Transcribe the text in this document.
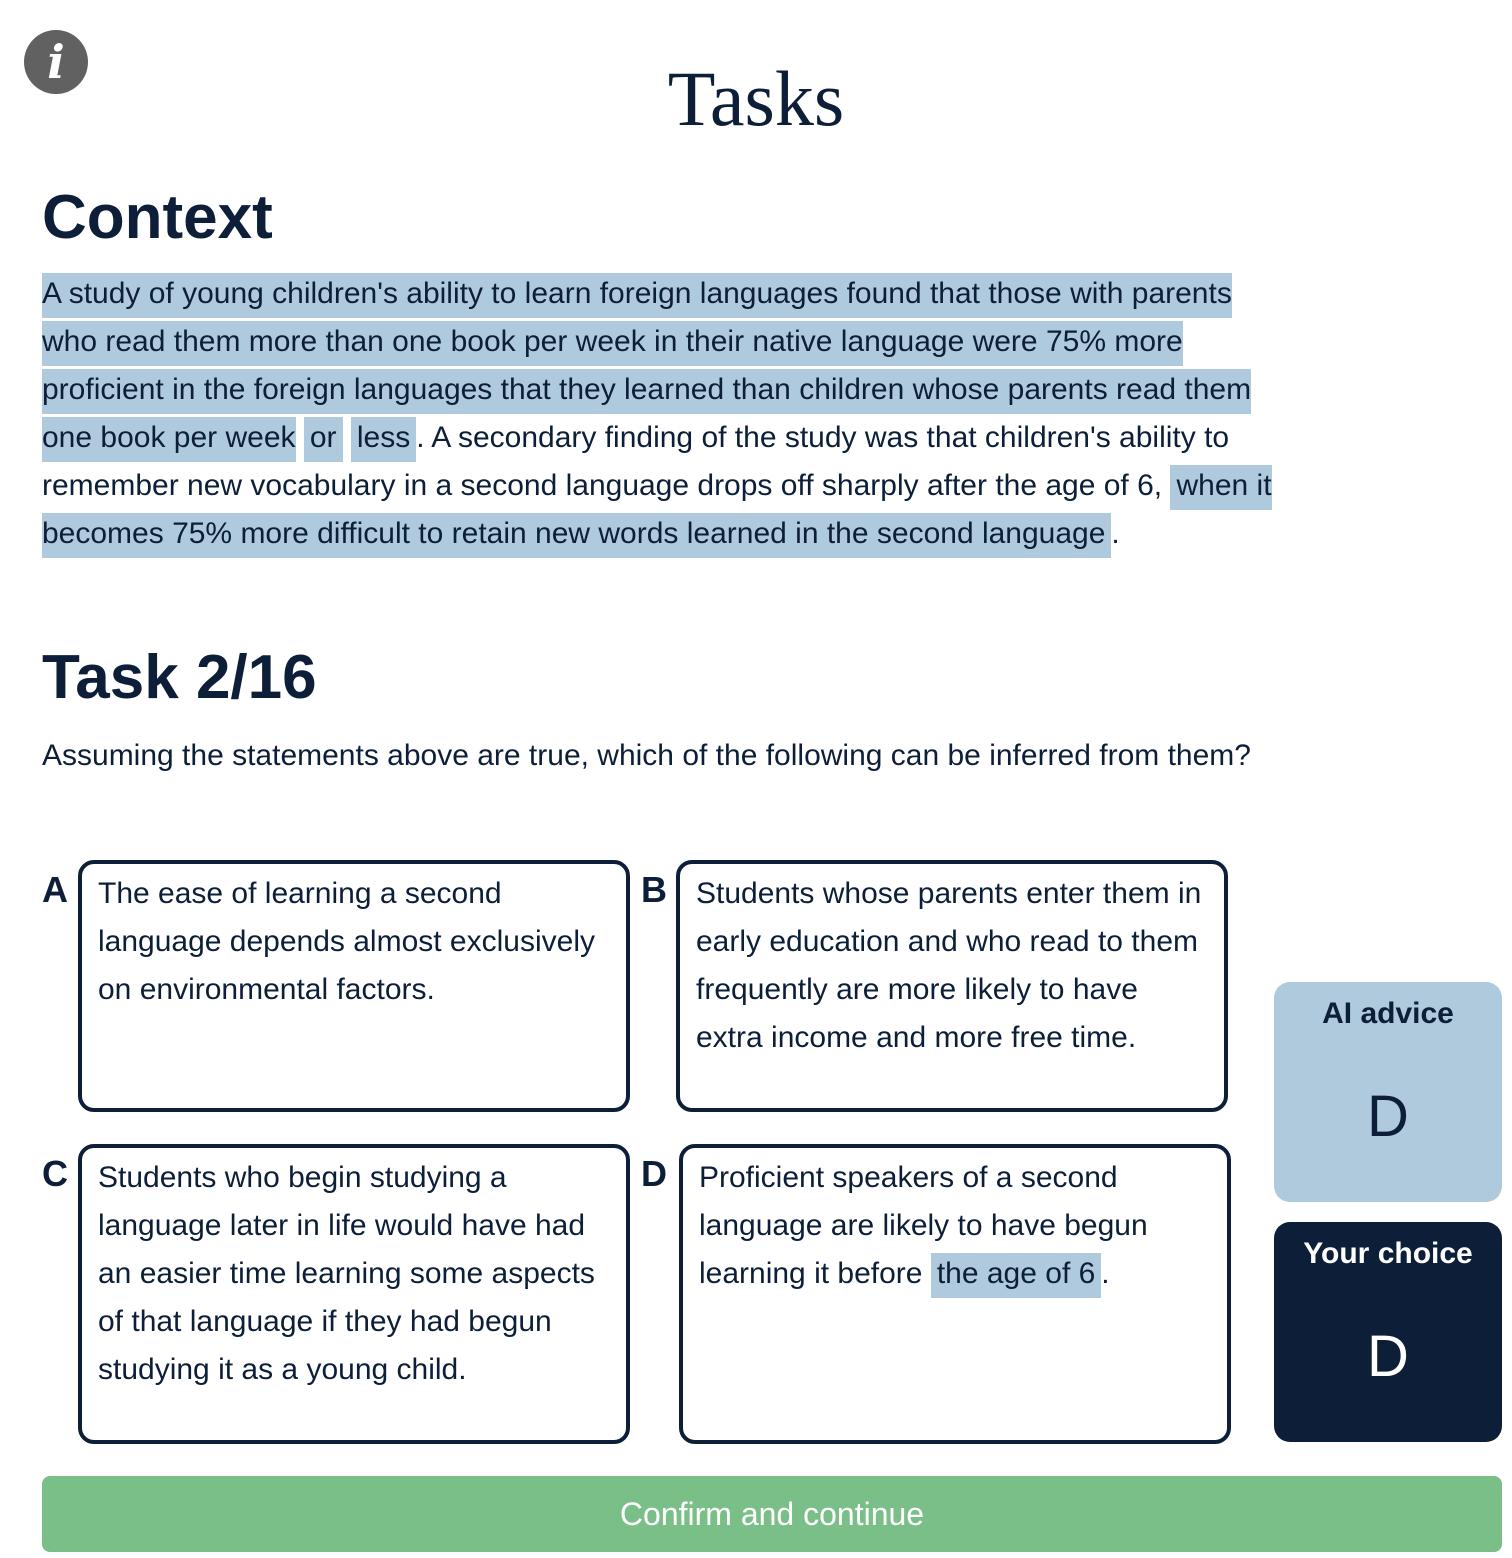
i	Tasks
Context

A study of young children's ability to learn foreign languages found that those with parents who read them more than one book per week in their native language were 75% more proficient in the foreign languages that they learned than children whose parents read them one book per week or less . A secondary finding of the study was that children's ability to remember new vocabulary in a second language drops off sharply after the age of 6, when it becomes 75% more difficult to retain new words learned in the second language .

Task 2/16

Assuming the statements above are true, which of the following can be inferred from them?

A	The ease of learning a second language depends almost exclusively on environmental factors.
B Students whose parents enter them in early education and who read to them frequently are more likely to have extra income and more free time.
C	Students who begin studying a language later in life would have had an easier time learning some aspects of that language if they had begun studying it as a young child.
D	Proficient speakers of a second language are likely to have begun learning it before the age of 6 .
AI advice
D
Your choice
D
Confirm and continue
